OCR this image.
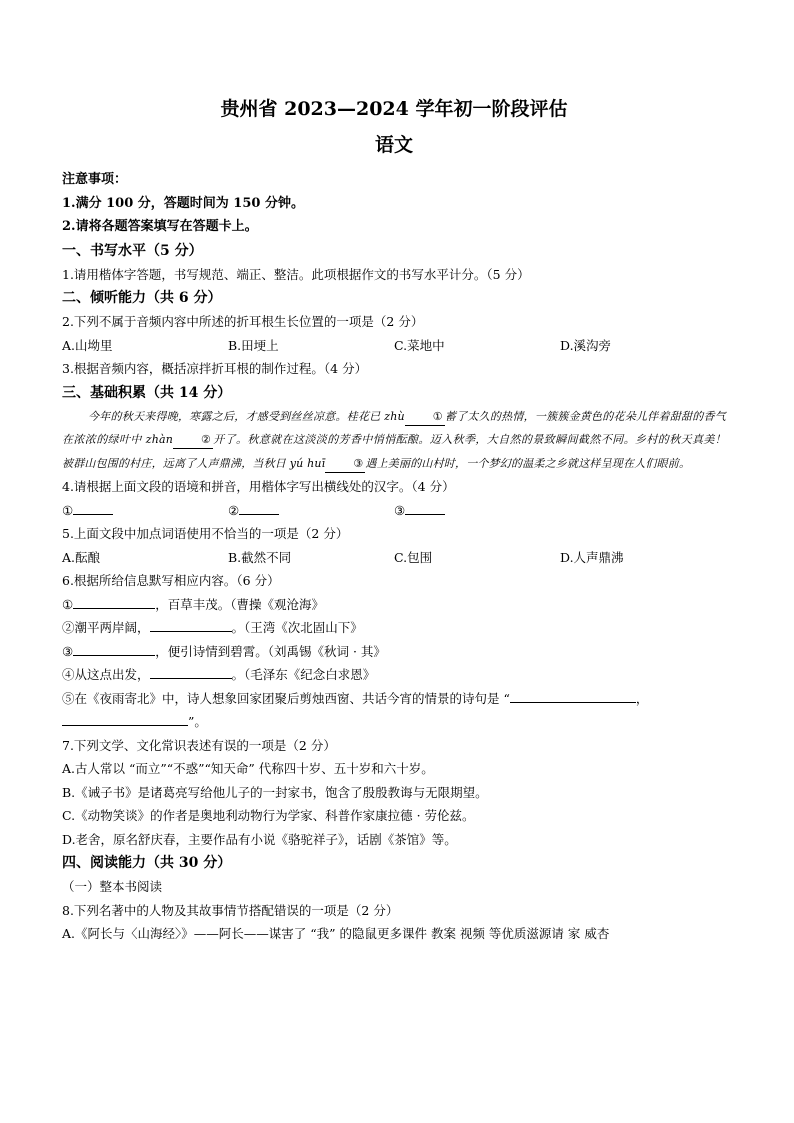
贵州省 2023—2024 学年初一阶段评估
语文
注意事项：
1.满分 100 分，答题时间为 150 分钟。
2.请将各题答案填写在答题卡上。
一、书写水平（5 分）
1.请用楷体字答题，书写规范、端正、整洁。此项根据作文的书写水平计分。（5 分）
二、倾听能力（共 6 分）
2.下列不属于音频内容中所述的折耳根生长位置的一项是（2 分）
A.山坳里	B.田埂上	C.菜地中	D.溪沟旁
3.根据音频内容，概括凉拌折耳根的制作过程。（4 分）
三、基础积累（共 14 分）
今年的秋天来得晚，寒露之后，才感受到丝丝凉意。桂花已 zhù	① 蓄了太久的热情，一簇簇金黄色的花朵儿伴着甜甜的香气在浓浓的绿叶中 zhàn	② 开了。秋意就在这淡淡的芳香中悄悄酝酿。迈入秋季，大自然的景致瞬间截然不同。乡村的秋天真美！被群山包围的村庄，远离了人声鼎沸，当秋日 yú huī	③ 遇上美丽的山村时，一个梦幻的温柔之乡就这样呈现在人们眼前。
4.请根据上面文段的语境和拼音，用楷体字写出横线处的汉字。（4 分）
①	②	③
5.上面文段中加点词语使用不恰当的一项是（2 分）
A.酝酿	B.截然不同	C.包围	D.人声鼎沸
6.根据所给信息默写相应内容。（6 分）
①	，百草丰茂。（曹操《观沧海》
②潮平两岸阔，	。（王湾《次北固山下》
③	，便引诗情到碧霄。（刘禹锡《秋词 · 其》
④从这点出发，	。（毛泽东《纪念白求恩》
⑤在《夜雨寄北》中，诗人想象回家团聚后剪烛西窗、共话今宵的情景的诗句是 “	，
”。
7.下列文学、文化常识表述有误的一项是（2 分）
A.古人常以 “而立”“不惑”“知天命” 代称四十岁、五十岁和六十岁。
B.《诫子书》是诸葛亮写给他儿子的一封家书，饱含了殷殷教诲与无限期望。
C.《动物笑谈》的作者是奥地利动物行为学家、科普作家康拉德 · 劳伦兹。
D.老舍，原名舒庆春，主要作品有小说《骆驼祥子》，话剧《茶馆》等。
四、阅读能力（共 30 分）
（一）整本书阅读
8.下列名著中的人物及其故事情节搭配错误的一项是（2 分）
A.《阿长与〈山海经〉》——阿长——谋害了 “我” 的隐鼠更多课件 教案 视频 等优质滋源请 家 威杏
